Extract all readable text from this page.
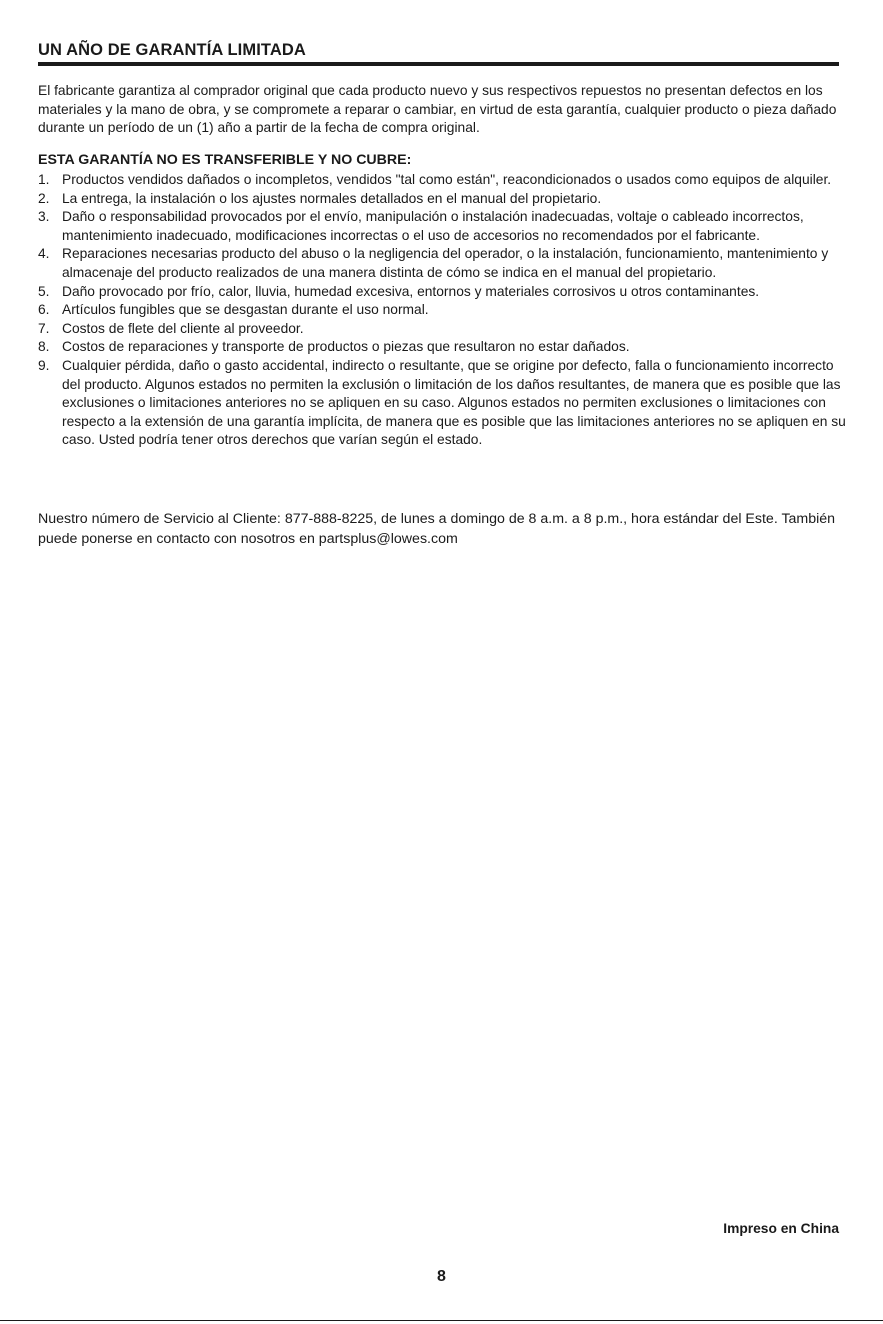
UN AÑO DE GARANTÍA LIMITADA

El fabricante garantiza al comprador original que cada producto nuevo y sus respectivos repuestos no presentan defectos en los materiales y la mano de obra, y se compromete a reparar o cambiar, en virtud de esta garantía, cualquier producto o pieza dañado durante un período de un (1) año a partir de la fecha de compra original.

ESTA GARANTÍA NO ES TRANSFERIBLE Y NO CUBRE:
1. Productos vendidos dañados o incompletos, vendidos "tal como están", reacondicionados o usados como equipos de alquiler.
2. La entrega, la instalación o los ajustes normales detallados en el manual del propietario.
3. Daño o responsabilidad provocados por el envío, manipulación o instalación inadecuadas, voltaje o cableado incorrectos, mantenimiento inadecuado, modificaciones incorrectas o el uso de accesorios no recomendados por el fabricante.
4. Reparaciones necesarias producto del abuso o la negligencia del operador, o la instalación, funcionamiento, mantenimiento y almacenaje del producto realizados de una manera distinta de cómo se indica en el manual del propietario.
5. Daño provocado por frío, calor, lluvia, humedad excesiva, entornos y materiales corrosivos u otros contaminantes.
6. Artículos fungibles que se desgastan durante el uso normal.
7. Costos de flete del cliente al proveedor.
8. Costos de reparaciones y transporte de productos o piezas que resultaron no estar dañados.
9. Cualquier pérdida, daño o gasto accidental, indirecto o resultante, que se origine por defecto, falla o funcionamiento incorrecto del producto. Algunos estados no permiten la exclusión o limitación de los daños resultantes, de manera que es posible que las exclusiones o limitaciones anteriores no se apliquen en su caso. Algunos estados no permiten exclusiones o limitaciones con respecto a la extensión de una garantía implícita, de manera que es posible que las limitaciones anteriores no se apliquen en su caso. Usted podría tener otros derechos que varían según el estado.

Nuestro número de Servicio al Cliente: 877-888-8225, de lunes a domingo de 8 a.m. a 8 p.m., hora estándar del Este. También puede ponerse en contacto con nosotros en partsplus@lowes.com

Impreso en China

8
